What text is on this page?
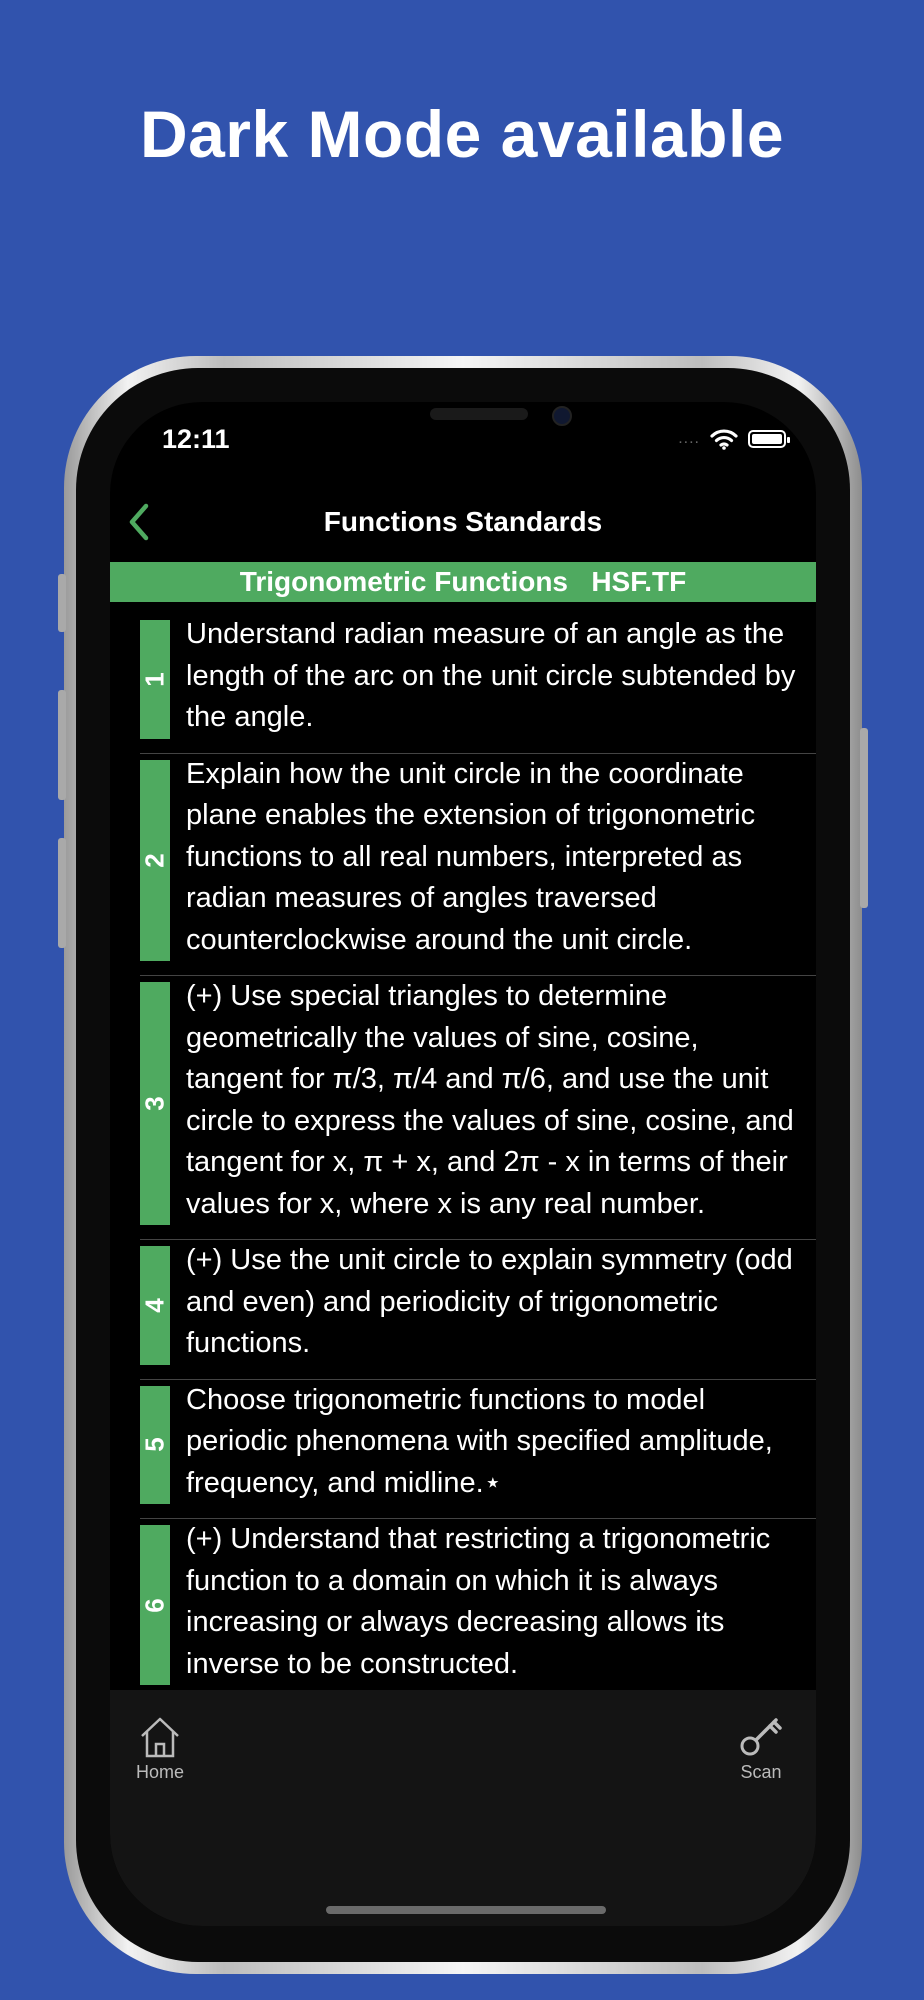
Dark Mode available
12:11	....
Functions Standards
Trigonometric Functions   HSF.TF
1
Understand radian measure of an angle as the length of the arc on the unit circle subtended by the angle.
2
Explain how the unit circle in the coordinate plane enables the extension of trigonometric functions to all real numbers, interpreted as radian measures of angles traversed counterclockwise around the unit circle.
3
(+) Use special triangles to determine geometrically the values of sine, cosine, tangent for π/3, π/4 and π/6, and use the unit circle to express the values of sine, cosine, and tangent for x, π + x, and 2π - x in terms of their values for x, where x is any real number.
4
(+) Use the unit circle to explain symmetry (odd and even) and periodicity of trigonometric functions.
5
Choose trigonometric functions to model periodic phenomena with specified amplitude, frequency, and midline.⋆
6
(+) Understand that restricting a trigonometric function to a domain on which it is always increasing or always decreasing allows its inverse to be constructed.
Home	Scan
